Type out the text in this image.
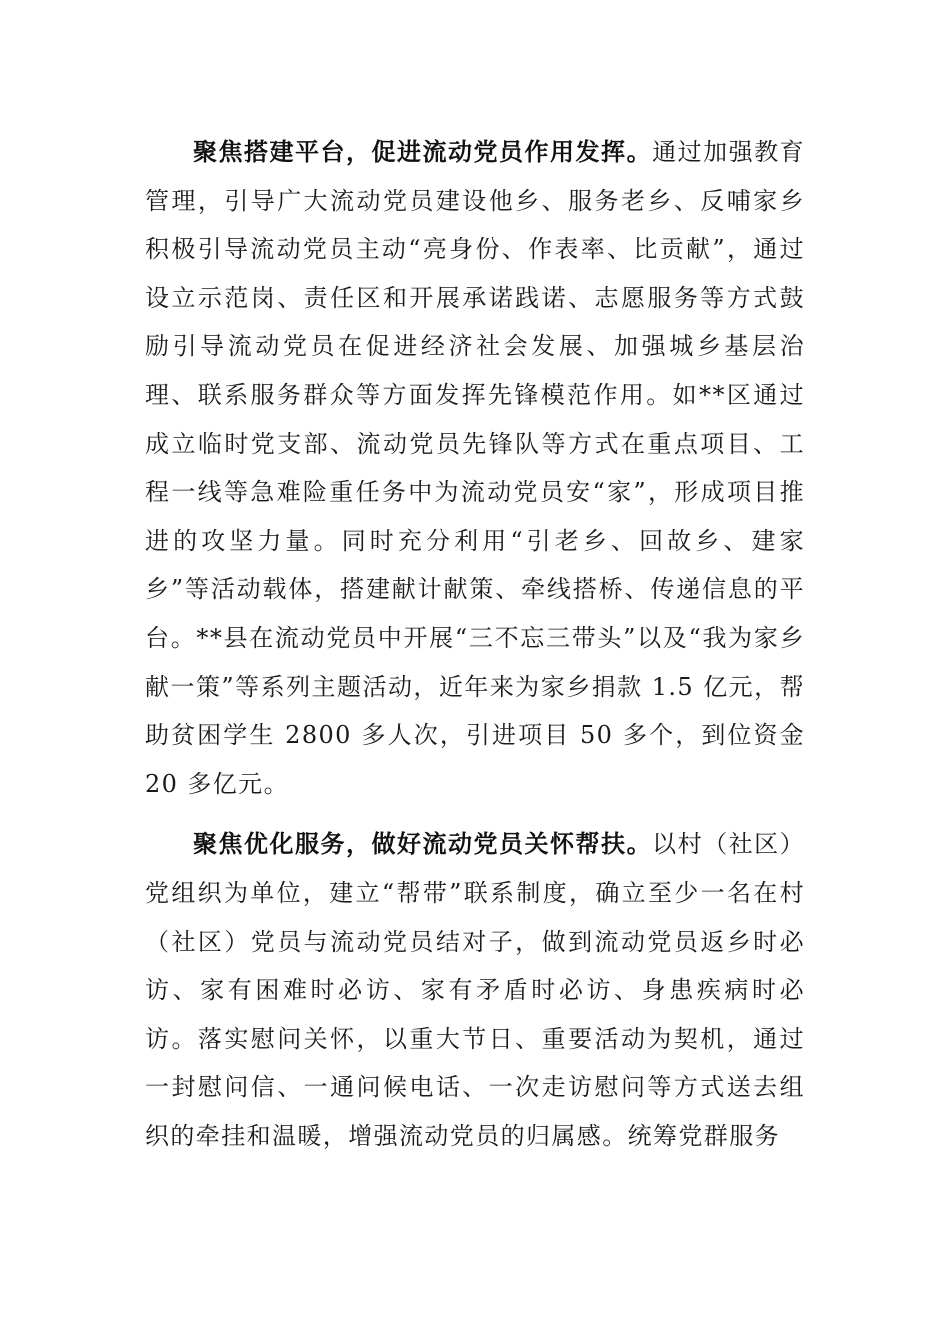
聚焦搭建平台，促进流动党员作用发挥。通过加强教育管理，引导广大流动党员建设他乡、服务老乡、反哺家乡积极引导流动党员主动“亮身份、作表率、比贡献”，通过设立示范岗、责任区和开展承诺践诺、志愿服务等方式鼓励引导流动党员在促进经济社会发展、加强城乡基层治理、联系服务群众等方面发挥先锋模范作用。如**区通过成立临时党支部、流动党员先锋队等方式在重点项目、工程一线等急难险重任务中为流动党员安“家”，形成项目推进的攻坚力量。同时充分利用“引老乡、回故乡、建家乡”等活动载体，搭建献计献策、牵线搭桥、传递信息的平台。**县在流动党员中开展“三不忘三带头”以及“我为家乡献一策”等系列主题活动，近年来为家乡捐款 1.5 亿元，帮助贫困学生 2800 多人次，引进项目 50 多个，到位资金 20 多亿元。

聚焦优化服务，做好流动党员关怀帮扶。以村（社区）党组织为单位，建立“帮带”联系制度，确立至少一名在村（社区）党员与流动党员结对子，做到流动党员返乡时必访、家有困难时必访、家有矛盾时必访、身患疾病时必访。落实慰问关怀，以重大节日、重要活动为契机，通过一封慰问信、一通问候电话、一次走访慰问等方式送去组织的牵挂和温暖，增强流动党员的归属感。统筹党群服务
